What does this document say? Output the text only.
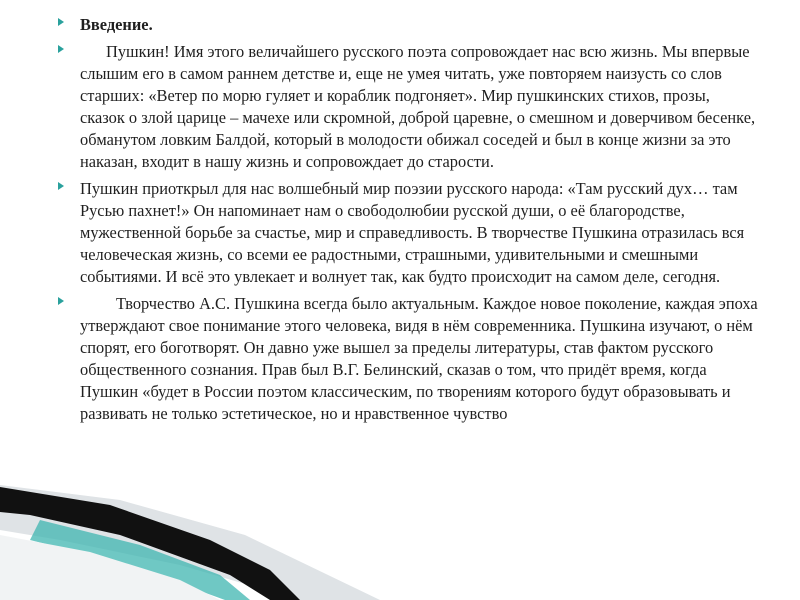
Введение.
Пушкин! Имя этого величайшего русского поэта сопровождает нас всю жизнь. Мы впервые слышим его в самом раннем детстве и, еще не умея читать, уже повторяем наизусть со слов старших: «Ветер по морю гуляет и кораблик подгоняет». Мир пушкинских стихов, прозы, сказок о злой царице – мачехе или скромной, доброй царевне, о смешном и доверчивом бесенке, обманутом ловким Балдой, который в молодости обижал соседей и был в конце жизни за это наказан, входит в нашу жизнь и сопровождает до старости.
Пушкин приоткрыл для нас волшебный мир поэзии русского народа: «Там русский дух… там Русью пахнет!» Он напоминает нам о свободолюбии русской души, о её благородстве, мужественной борьбе за счастье, мир и справедливость. В творчестве Пушкина отразилась вся человеческая жизнь, со всеми ее радостными, страшными, удивительными и смешными событиями. И всё это увлекает и волнует так, как будто происходит на самом деле, сегодня.
Творчество А.С. Пушкина всегда было актуальным. Каждое новое поколение, каждая эпоха утверждают свое понимание этого человека, видя в нём современника. Пушкина изучают, о нём спорят, его боготворят. Он давно уже вышел за пределы литературы, став фактом русского общественного сознания. Прав был В.Г. Белинский, сказав о том, что придёт время, когда Пушкин «будет в России поэтом классическим, по творениям которого будут образовывать и развивать не только эстетическое, но и нравственное чувство
